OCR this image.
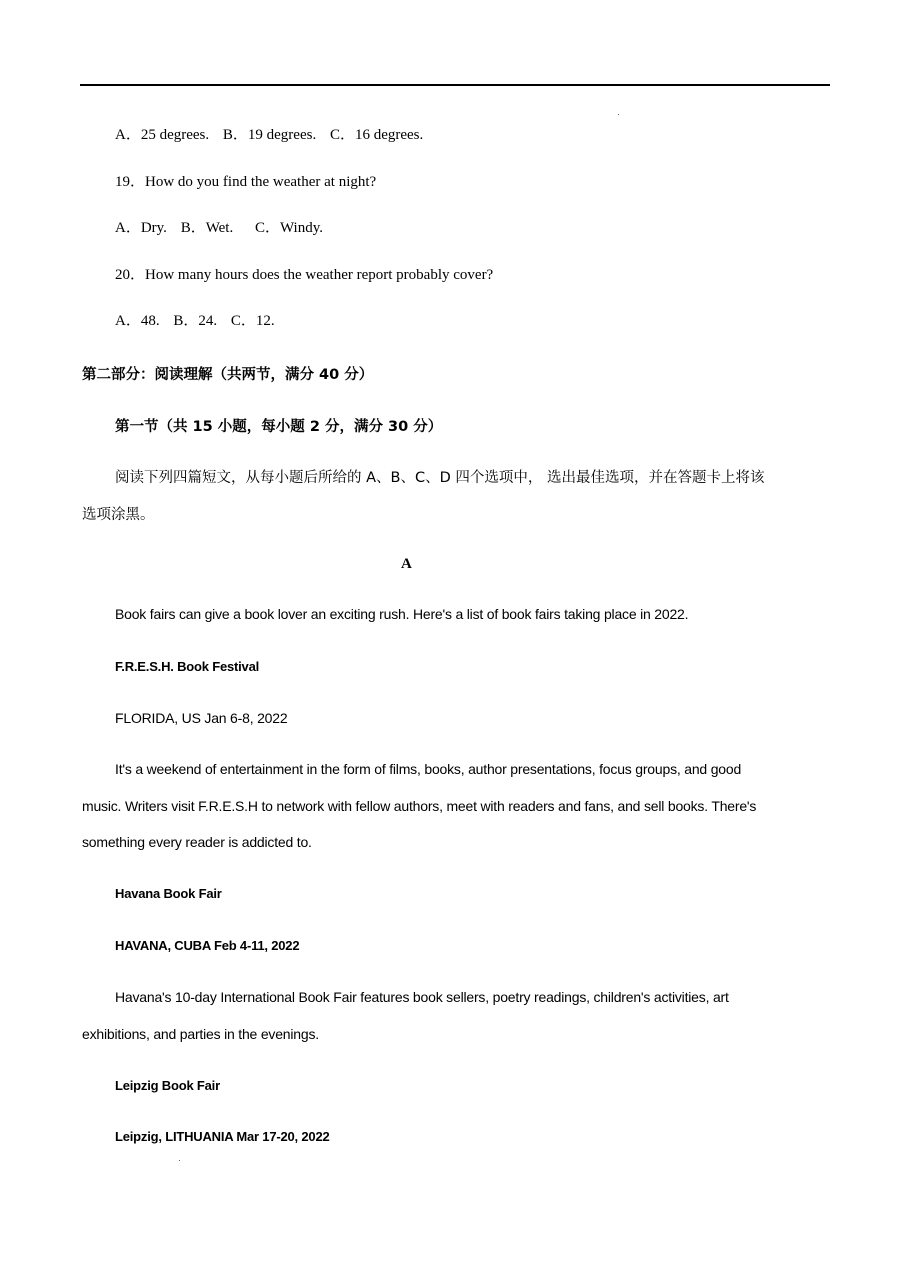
A．25 degrees. B．19 degrees. C．16 degrees.
19．How do you find the weather at night?
A．Dry. B．Wet. C．Windy.
20．How many hours does the weather report probably cover?
A．48. B．24. C．12.
第二部分：阅读理解（共两节，满分 40 分）
第一节（共 15 小题，每小题 2 分，满分 30 分）
阅读下列四篇短文，从每小题后所给的 A、B、C、D 四个选项中， 选出最佳选项，并在答题卡上将该
选项涂黑。
A
Book fairs can give a book lover an exciting rush. Here's a list of book fairs taking place in 2022.
F.R.E.S.H. Book Festival
FLORIDA, US Jan 6-8, 2022
It's a weekend of entertainment in the form of films, books, author presentations, focus groups, and good
music. Writers visit F.R.E.S.H to network with fellow authors, meet with readers and fans, and sell books. There's
something every reader is addicted to.
Havana Book Fair
HAVANA, CUBA Feb 4-11, 2022
Havana's 10-day International Book Fair features book sellers, poetry readings, children's activities, art
exhibitions, and parties in the evenings.
Leipzig Book Fair
Leipzig, LITHUANIA Mar 17-20, 2022
